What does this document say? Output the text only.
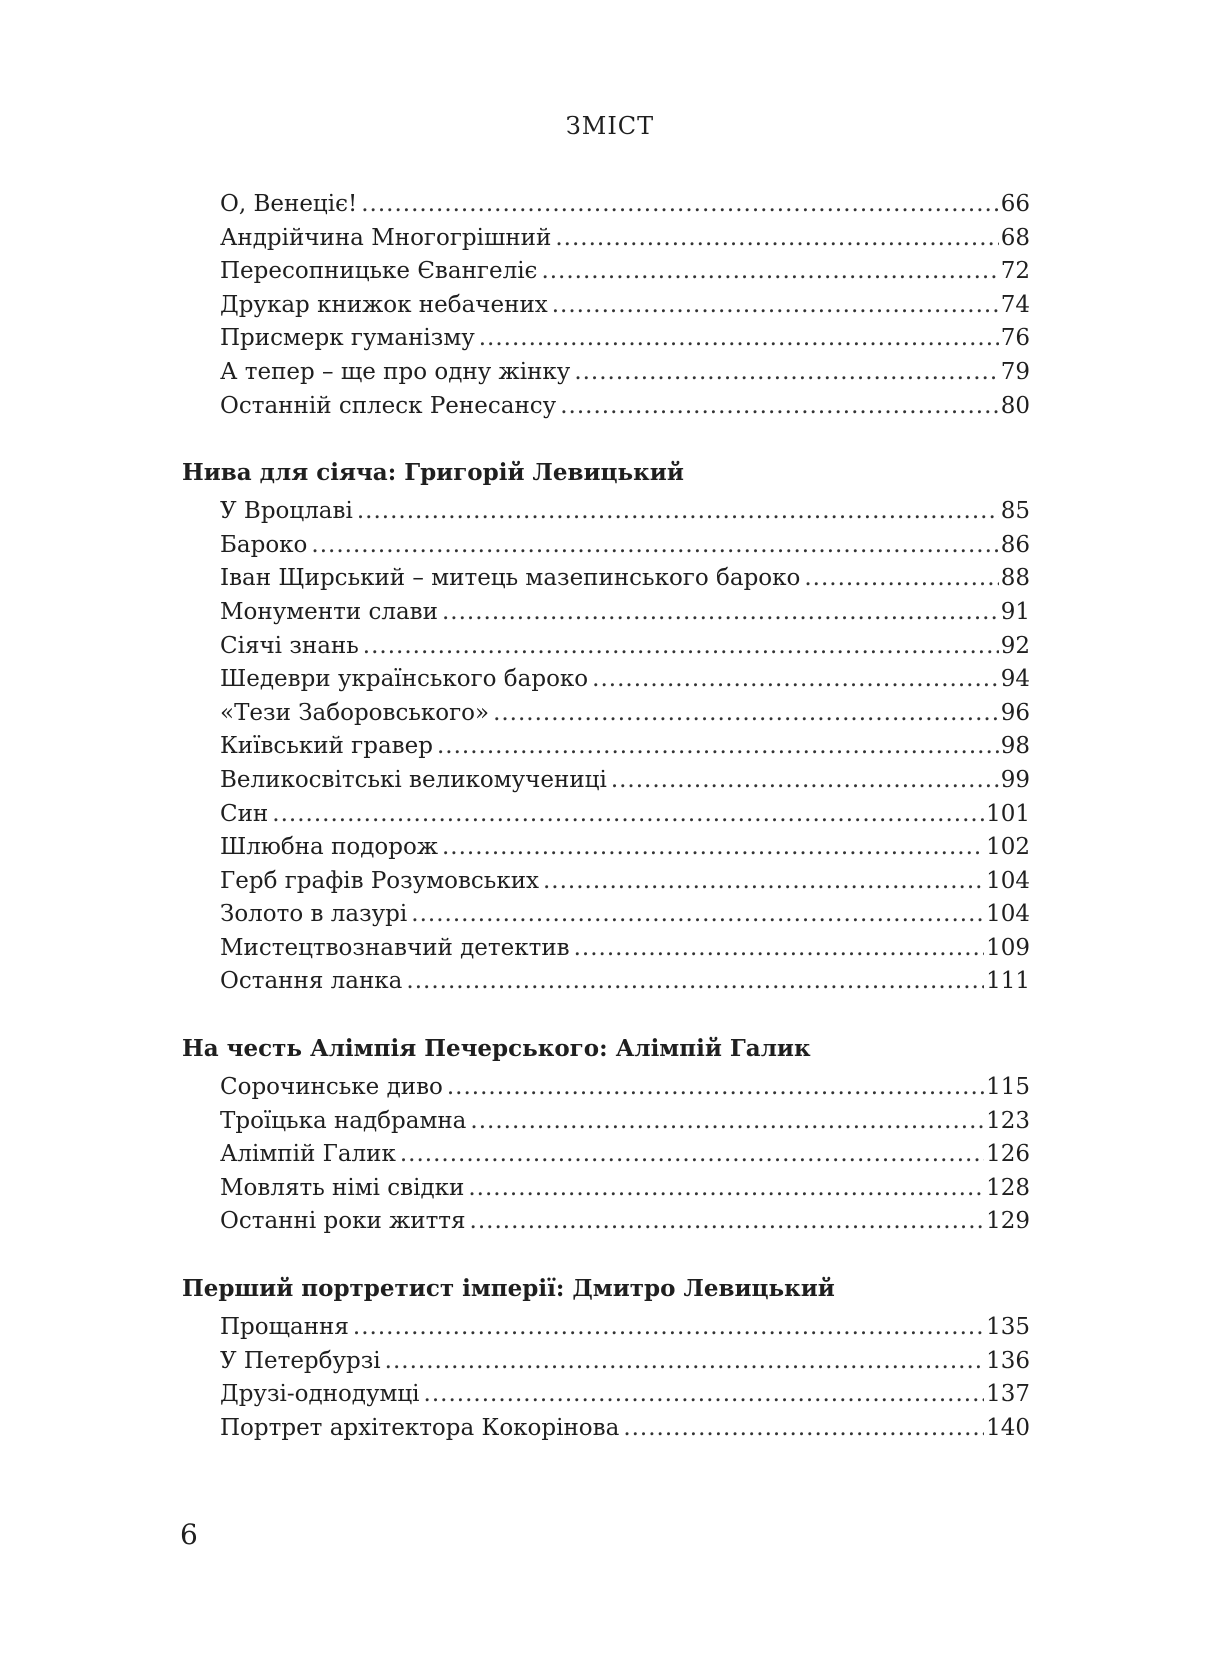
ЗМІСТ
О, Венеціє! .....	66
Андрійчина Многогрішний .....	68
Пересопницьке Євангеліє .....	72
Друкар книжок небачених .....	74
Присмерк гуманізму .....	76
А тепер – ще про одну жінку .....	79
Останній сплеск Ренесансу .....	80
Нива для сіяча: Григорій Левицький
У Вроцлаві .....	85
Бароко .....	86
Іван Щирський – митець мазепинського бароко .....	88
Монументи слави .....	91
Сіячі знань .....	92
Шедеври українського бароко .....	94
«Тези Заборовського» .....	96
Київський гравер .....	98
Великосвітські великомучениці .....	99
Син .....	101
Шлюбна подорож .....	102
Герб графів Розумовських .....	104
Золото в лазурі .....	104
Мистецтвознавчий детектив .....	109
Остання ланка .....	111
На честь Алімпія Печерського: Алімпій Галик
Сорочинське диво .....	115
Троїцька надбрамна .....	123
Алімпій Галик .....	126
Мовлять німі свідки .....	128
Останні роки життя .....	129
Перший портретист імперії: Дмитро Левицький
Прощання .....	135
У Петербурзі .....	136
Друзі-однодумці .....	137
Портрет архітектора Кокорінова .....	140
6
